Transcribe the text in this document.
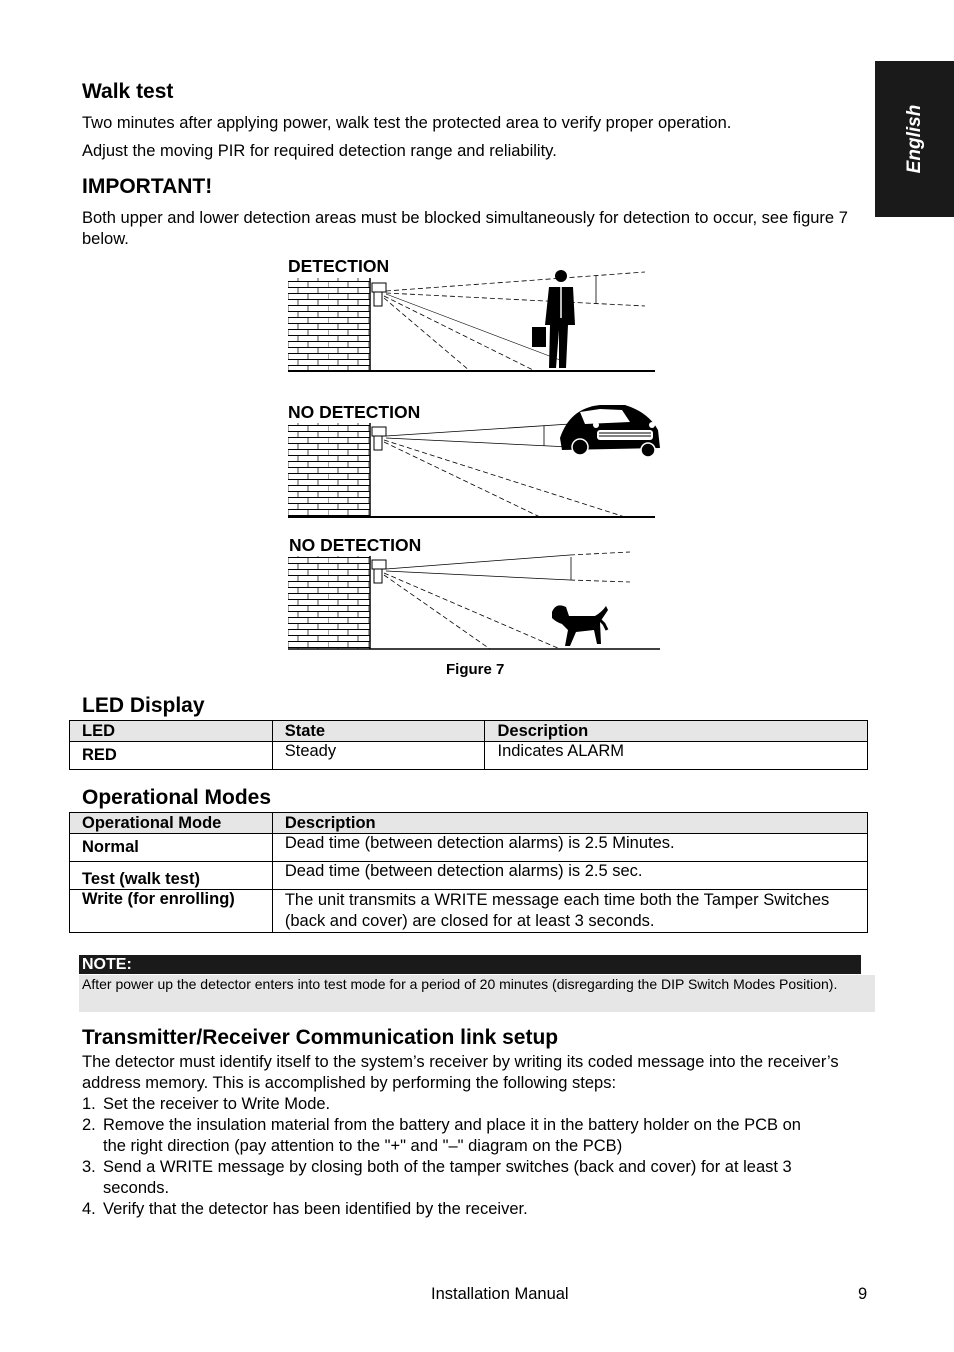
English
Walk test

Two minutes after applying power, walk test the protected area to verify proper operation.

Adjust the moving PIR for required detection range and reliability.

IMPORTANT!

Both upper and lower detection areas must be blocked simultaneously for detection to occur, see figure 7 below.

DETECTION
NO DETECTION
NO DETECTION
Figure 7
LED Display
LED	State	Description
RED	Steady	Indicates ALARM
Operational Modes
Operational Mode	Description
Normal	Dead time (between detection alarms) is 2.5 Minutes.
Test (walk test)	Dead time (between detection alarms) is 2.5 sec.
Write (for enrolling)	The unit transmits a WRITE message each time both the Tamper Switches (back and cover) are closed for at least 3 seconds.
NOTE:
After power up the detector enters into test mode for a period of 20 minutes (disregarding the DIP Switch Modes Position).
Transmitter/Receiver Communication link setup

The detector must identify itself to the system’s receiver by writing its coded message into the receiver’s address memory. This is accomplished by performing the following steps:

1. Set the receiver to Write Mode.
2. Remove the insulation material from the battery and place it in the battery holder on the PCB on the right direction (pay attention to the "+" and "–" diagram on the PCB)
3. Send a WRITE message by closing both of the tamper switches (back and cover) for at least 3 seconds.
4. Verify that the detector has been identified by the receiver.
Installation Manual	9
